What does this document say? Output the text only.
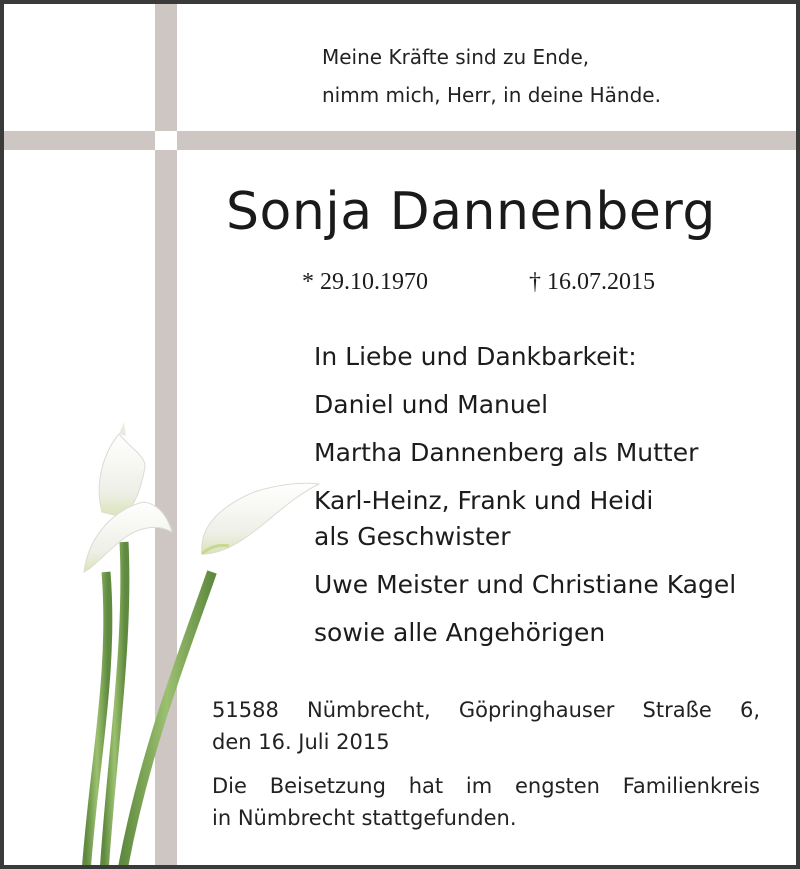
Meine Kräfte sind zu Ende,
nimm mich, Herr, in deine Hände.
Sonja Dannenberg
* 29.10.1970	† 16.07.2015
In Liebe und Dankbarkeit:
Daniel und Manuel
Martha Dannenberg als Mutter
Karl-Heinz, Frank und Heidi
als Geschwister
Uwe Meister und Christiane Kagel
sowie alle Angehörigen
51588 Nümbrecht, Göpringhauser Straße 6,
den 16. Juli 2015
Die Beisetzung hat im engsten Familienkreis
in Nümbrecht stattgefunden.
